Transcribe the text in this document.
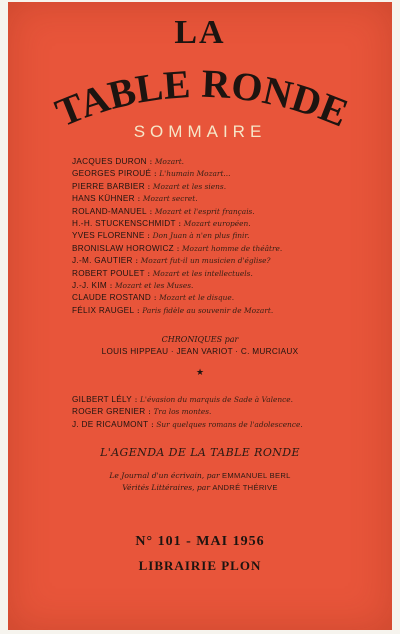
LA
TABLE RONDE
SOMMAIRE
JACQUES DURON : Mozart.
GEORGES PIROUÉ : L'humain Mozart...
PIERRE BARBIER : Mozart et les siens.
HANS KÜHNER : Mozart secret.
ROLAND-MANUEL : Mozart et l'esprit français.
H.-H. STUCKENSCHMIDT : Mozart européen.
YVES FLORENNE : Don Juan à n'en plus finir.
BRONISLAW HOROWICZ : Mozart homme de théâtre.
J.-M. GAUTIER : Mozart fut-il un musicien d'église?
ROBERT POULET : Mozart et les intellectuels.
J.-J. KIM : Mozart et les Muses.
CLAUDE ROSTAND : Mozart et le disque.
FÉLIX RAUGEL : Paris fidèle au souvenir de Mozart.
CHRONIQUES par
LOUIS HIPPEAU · JEAN VARIOT · C. MURCIAUX
★
GILBERT LÉLY : L'évasion du marquis de Sade à Valence.
ROGER GRENIER : Tra los montes.
J. DE RICAUMONT : Sur quelques romans de l'adolescence.
L'AGENDA DE LA TABLE RONDE
Le Journal d'un écrivain, par EMMANUEL BERL
Vérités Littéraires, par ANDRÉ THÉRIVE
N° 101 - MAI 1956
LIBRAIRIE PLON
